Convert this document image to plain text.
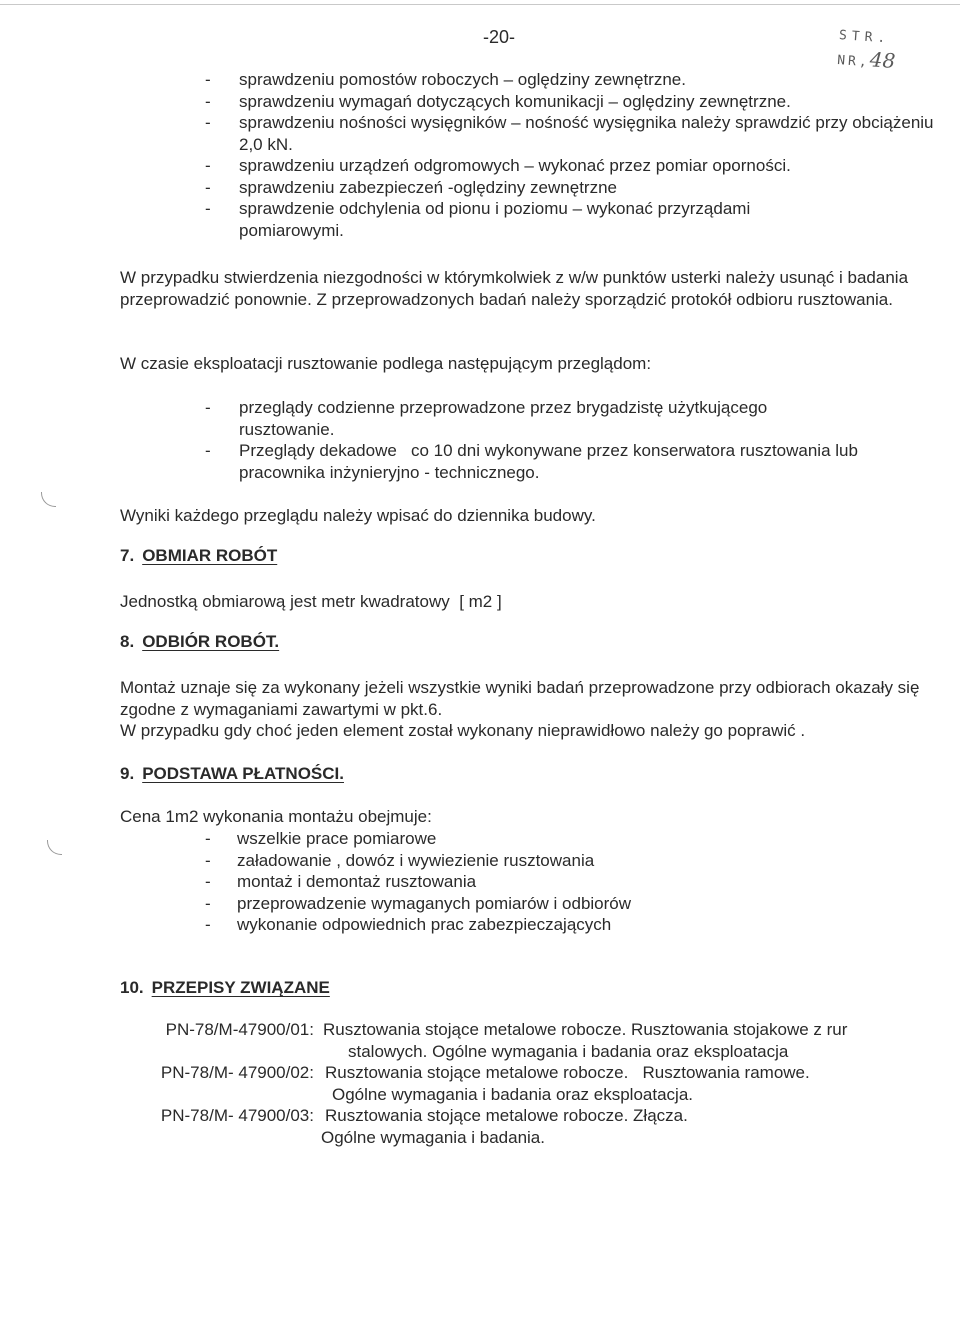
-20-	STR.
NR,48
- sprawdzeniu pomostów roboczych – oględziny zewnętrzne.
- sprawdzeniu wymagań dotyczących komunikacji – oględziny zewnętrzne.
- sprawdzeniu nośności wysięgników – nośność wysięgnika należy sprawdzić przy obciążeniu 2,0 kN.
- sprawdzeniu urządzeń odgromowych – wykonać przez pomiar oporności.
- sprawdzeniu zabezpieczeń -oględziny zewnętrzne
- sprawdzenie odchylenia od pionu i poziomu – wykonać przyrządami pomiarowymi.

W przypadku stwierdzenia niezgodności w którymkolwiek z w/w punktów usterki należy usunąć i badania przeprowadzić ponownie. Z przeprowadzonych badań należy sporządzić protokół odbioru rusztowania.

W czasie eksploatacji rusztowanie podlega następującym przeglądom:

- przeglądy codzienne przeprowadzone przez brygadzistę użytkującego rusztowanie.
- Przeglądy dekadowe   co 10 dni wykonywane przez konserwatora rusztowania lub pracownika inżynieryjno - technicznego.

Wyniki każdego przeglądu należy wpisać do dziennika budowy.

7. OBMIAR ROBÓT

Jednostką obmiarową jest metr kwadratowy  [ m2 ]

8. ODBIÓR ROBÓT.

Montaż uznaje się za wykonany jeżeli wszystkie wyniki badań przeprowadzone przy odbiorach okazały się zgodne z wymaganiami zawartymi w pkt.6.

W przypadku gdy choć jeden element został wykonany nieprawidłowo należy go poprawić .

9. PODSTAWA PŁATNOŚCI.

Cena 1m2 wykonania montażu obejmuje:

- wszelkie prace pomiarowe
- załadowanie , dowóz i wywiezienie rusztowania
- montaż i demontaż rusztowania
- przeprowadzenie wymaganych pomiarów i odbiorów
- wykonanie odpowiednich prac zabezpieczających
10. PRZEPISY ZWIĄZANE
PN-78/M-47900/01: Rusztowania stojące metalowe robocze. Rusztowania stojakowe z rur
stalowych. Ogólne wymagania i badania oraz eksploatacja
PN-78/M- 47900/02: Rusztowania stojące metalowe robocze.   Rusztowania ramowe.
Ogólne wymagania i badania oraz eksploatacja.
PN-78/M- 47900/03: Rusztowania stojące metalowe robocze. Złącza.
Ogólne wymagania i badania.
